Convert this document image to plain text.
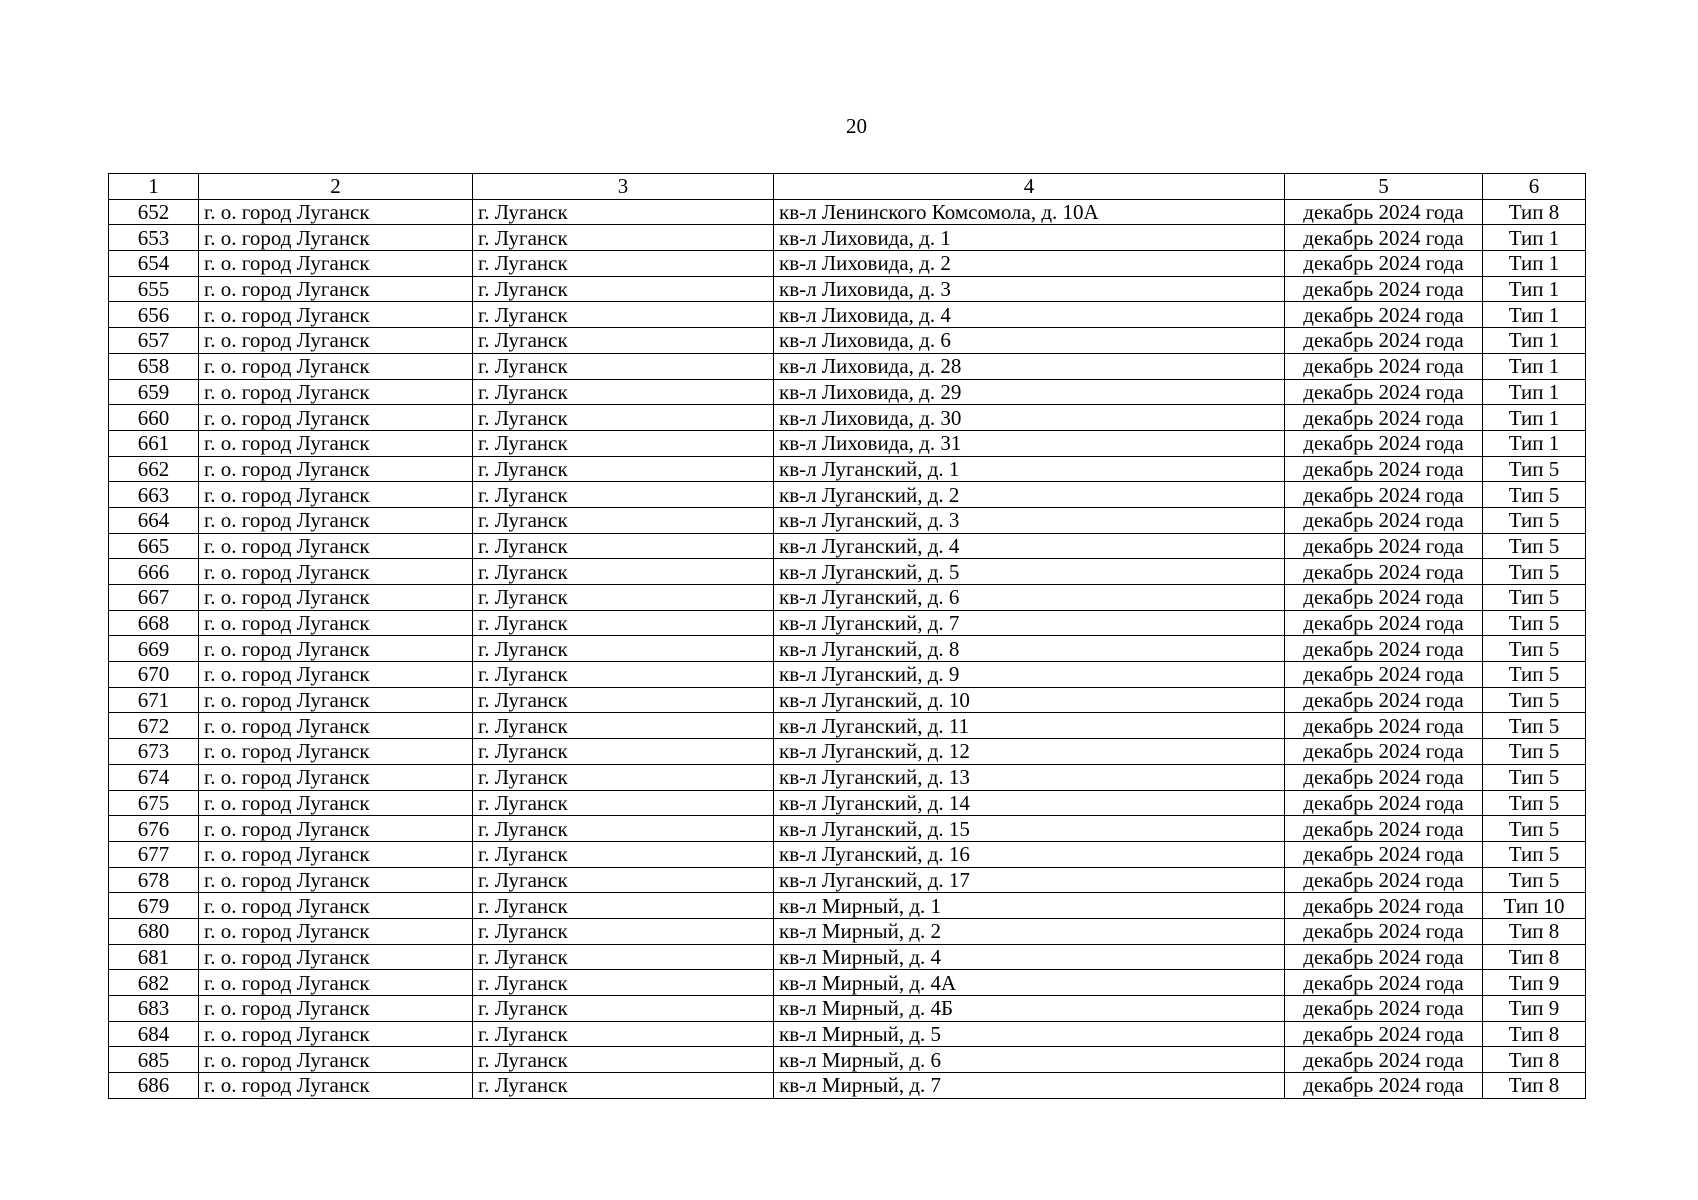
20
1	2	3	4	5	6
652	г. о. город Луганск	г. Луганск	кв-л Ленинского Комсомола, д. 10А	декабрь 2024 года	Тип 8
653	г. о. город Луганск	г. Луганск	кв-л Лиховида, д. 1	декабрь 2024 года	Тип 1
654	г. о. город Луганск	г. Луганск	кв-л Лиховида, д. 2	декабрь 2024 года	Тип 1
655	г. о. город Луганск	г. Луганск	кв-л Лиховида, д. 3	декабрь 2024 года	Тип 1
656	г. о. город Луганск	г. Луганск	кв-л Лиховида, д. 4	декабрь 2024 года	Тип 1
657	г. о. город Луганск	г. Луганск	кв-л Лиховида, д. 6	декабрь 2024 года	Тип 1
658	г. о. город Луганск	г. Луганск	кв-л Лиховида, д. 28	декабрь 2024 года	Тип 1
659	г. о. город Луганск	г. Луганск	кв-л Лиховида, д. 29	декабрь 2024 года	Тип 1
660	г. о. город Луганск	г. Луганск	кв-л Лиховида, д. 30	декабрь 2024 года	Тип 1
661	г. о. город Луганск	г. Луганск	кв-л Лиховида, д. 31	декабрь 2024 года	Тип 1
662	г. о. город Луганск	г. Луганск	кв-л Луганский, д. 1	декабрь 2024 года	Тип 5
663	г. о. город Луганск	г. Луганск	кв-л Луганский, д. 2	декабрь 2024 года	Тип 5
664	г. о. город Луганск	г. Луганск	кв-л Луганский, д. 3	декабрь 2024 года	Тип 5
665	г. о. город Луганск	г. Луганск	кв-л Луганский, д. 4	декабрь 2024 года	Тип 5
666	г. о. город Луганск	г. Луганск	кв-л Луганский, д. 5	декабрь 2024 года	Тип 5
667	г. о. город Луганск	г. Луганск	кв-л Луганский, д. 6	декабрь 2024 года	Тип 5
668	г. о. город Луганск	г. Луганск	кв-л Луганский, д. 7	декабрь 2024 года	Тип 5
669	г. о. город Луганск	г. Луганск	кв-л Луганский, д. 8	декабрь 2024 года	Тип 5
670	г. о. город Луганск	г. Луганск	кв-л Луганский, д. 9	декабрь 2024 года	Тип 5
671	г. о. город Луганск	г. Луганск	кв-л Луганский, д. 10	декабрь 2024 года	Тип 5
672	г. о. город Луганск	г. Луганск	кв-л Луганский, д. 11	декабрь 2024 года	Тип 5
673	г. о. город Луганск	г. Луганск	кв-л Луганский, д. 12	декабрь 2024 года	Тип 5
674	г. о. город Луганск	г. Луганск	кв-л Луганский, д. 13	декабрь 2024 года	Тип 5
675	г. о. город Луганск	г. Луганск	кв-л Луганский, д. 14	декабрь 2024 года	Тип 5
676	г. о. город Луганск	г. Луганск	кв-л Луганский, д. 15	декабрь 2024 года	Тип 5
677	г. о. город Луганск	г. Луганск	кв-л Луганский, д. 16	декабрь 2024 года	Тип 5
678	г. о. город Луганск	г. Луганск	кв-л Луганский, д. 17	декабрь 2024 года	Тип 5
679	г. о. город Луганск	г. Луганск	кв-л Мирный, д. 1	декабрь 2024 года	Тип 10
680	г. о. город Луганск	г. Луганск	кв-л Мирный, д. 2	декабрь 2024 года	Тип 8
681	г. о. город Луганск	г. Луганск	кв-л Мирный, д. 4	декабрь 2024 года	Тип 8
682	г. о. город Луганск	г. Луганск	кв-л Мирный, д. 4А	декабрь 2024 года	Тип 9
683	г. о. город Луганск	г. Луганск	кв-л Мирный, д. 4Б	декабрь 2024 года	Тип 9
684	г. о. город Луганск	г. Луганск	кв-л Мирный, д. 5	декабрь 2024 года	Тип 8
685	г. о. город Луганск	г. Луганск	кв-л Мирный, д. 6	декабрь 2024 года	Тип 8
686	г. о. город Луганск	г. Луганск	кв-л Мирный, д. 7	декабрь 2024 года	Тип 8
